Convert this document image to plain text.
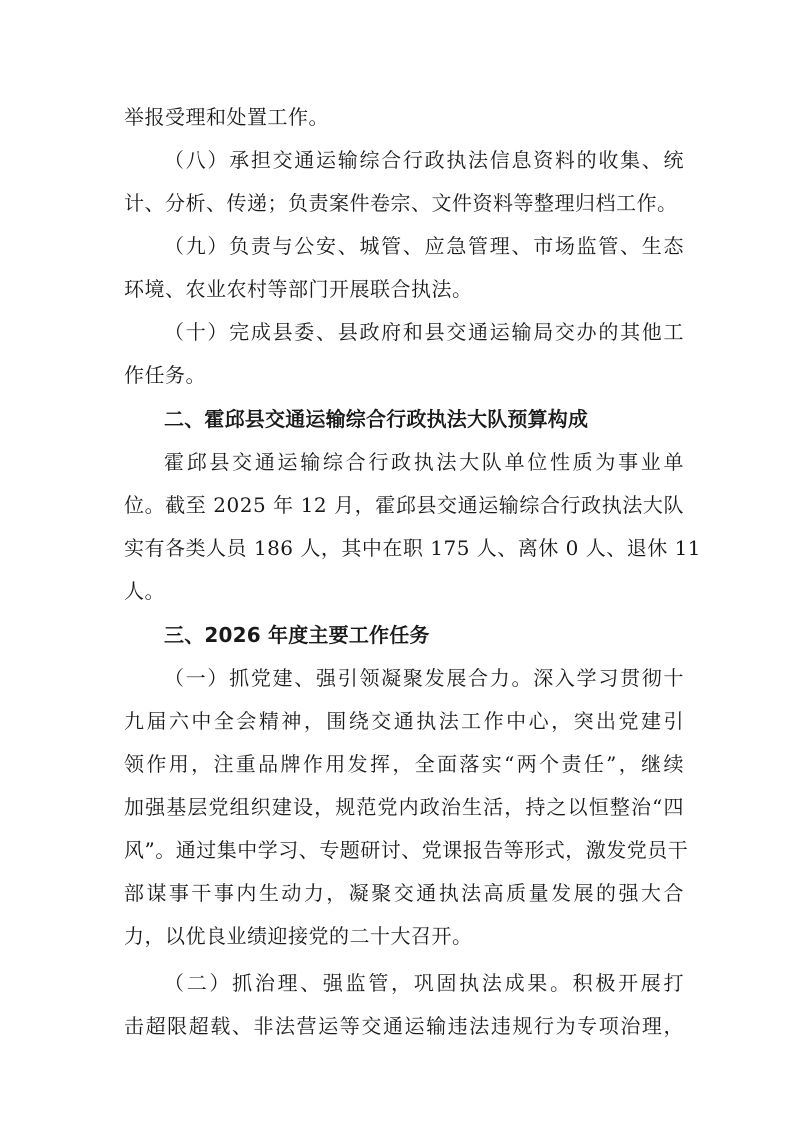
举报受理和处置工作。
（八）承担交通运输综合行政执法信息资料的收集、统
计、分析、传递；负责案件卷宗、文件资料等整理归档工作。
（九）负责与公安、城管、应急管理、市场监管、生态
环境、农业农村等部门开展联合执法。
（十）完成县委、县政府和县交通运输局交办的其他工
作任务。
二、霍邱县交通运输综合行政执法大队预算构成
霍邱县交通运输综合行政执法大队单位性质为事业单
位。截至 2025 年 12 月，霍邱县交通运输综合行政执法大队
实有各类人员 186 人，其中在职 175 人、离休 0 人、退休 11
人。
三、2026 年度主要工作任务
（一）抓党建、强引领凝聚发展合力。深入学习贯彻十
九届六中全会精神，围绕交通执法工作中心，突出党建引
领作用，注重品牌作用发挥，全面落实“两个责任”，继续
加强基层党组织建设，规范党内政治生活，持之以恒整治“四
风”。通过集中学习、专题研讨、党课报告等形式，激发党员干
部谋事干事内生动力，凝聚交通执法高质量发展的强大合
力，以优良业绩迎接党的二十大召开。
（二）抓治理、强监管，巩固执法成果。积极开展打
击超限超载、非法营运等交通运输违法违规行为专项治理，
